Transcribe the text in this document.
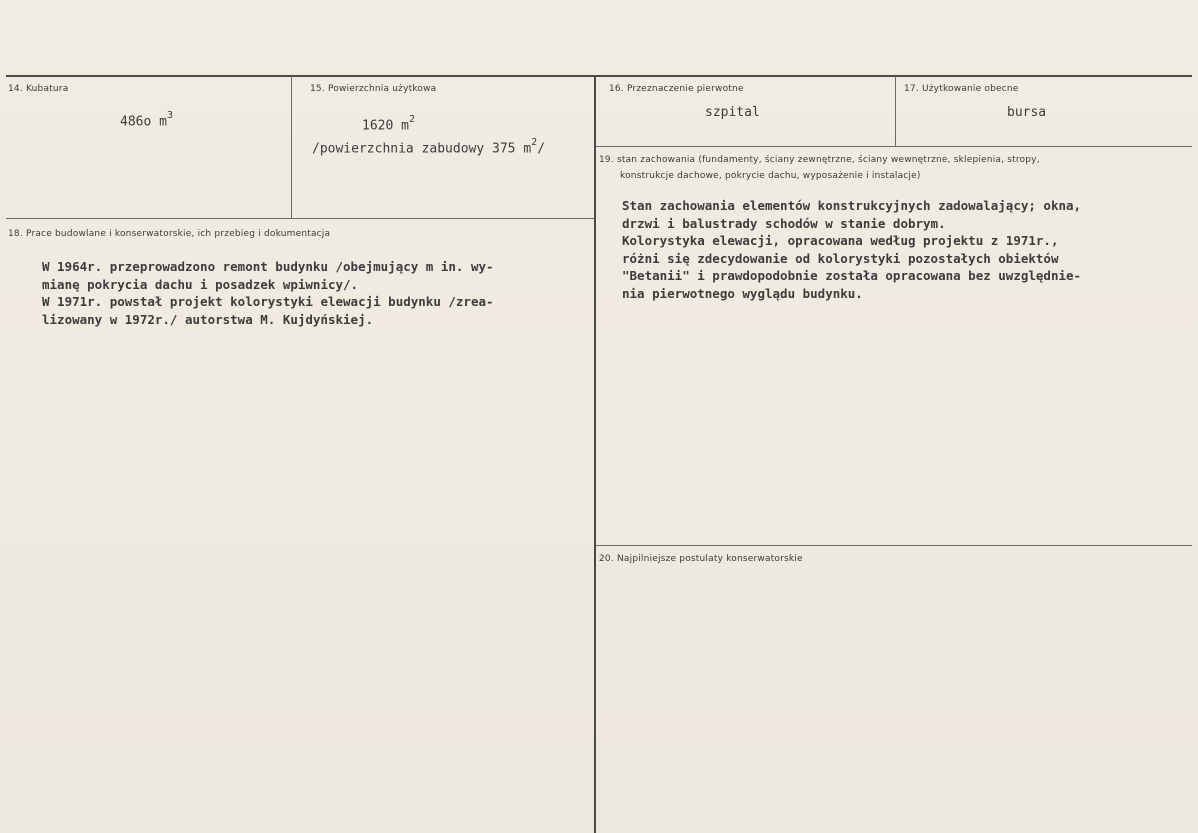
14. Kubatura
486o $m^3$
15. Powierzchnia użytkowa
1620 $m^2$
/powierzchnia zabudowy 375 $m^2/$
16. Przeznaczenie pierwotne
szpital
17. Użytkowanie obecne
bursa
18. Prace budowlane i konserwatorskie, ich przebieg i dokumentacja
W 1964r. przeprowadzono remont budynku /obejmujący m in. wy-
mianę pokrycia dachu i posadzek wpiwnicy/.
W 1971r. powstał projekt kolorystyki elewacji budynku /zrea-
lizowany w 1972r./ autorstwa M. Kujdyńskiej.
19. stan zachowania (fundamenty, ściany zewnętrzne, ściany wewnętrzne, sklepienia, stropy,
konstrukcje dachowe, pokrycie dachu, wyposażenie i instalacje)
Stan zachowania elementów konstrukcyjnych zadowalający; okna,
drzwi i balustrady schodów w stanie dobrym.
Kolorystyka elewacji, opracowana według projektu z 1971r.,
różni się zdecydowanie od kolorystyki pozostałych obiektów
"Betanii" i prawdopodobnie została opracowana bez uwzględnie-
nia pierwotnego wyglądu budynku.
20. Najpilniejsze postulaty konserwatorskie
